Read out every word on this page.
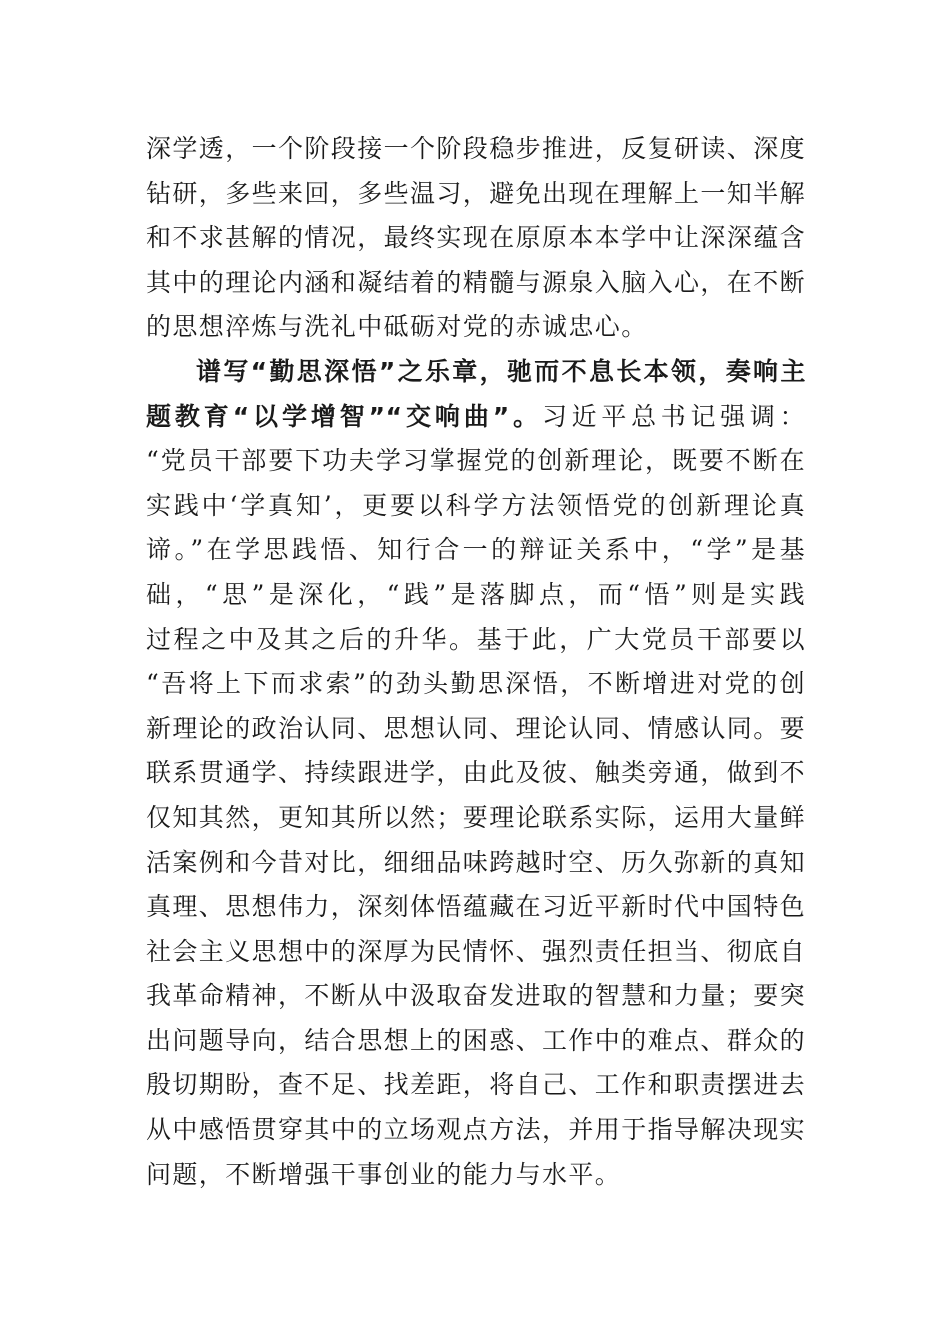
深学透，一个阶段接一个阶段稳步推进，反复研读、深度
钻研，多些来回，多些温习，避免出现在理解上一知半解
和不求甚解的情况，最终实现在原原本本学中让深深蕴含
其中的理论内涵和凝结着的精髓与源泉入脑入心，在不断
的思想淬炼与洗礼中砥砺对党的赤诚忠心。
谱写“勤思深悟”之乐章，驰而不息长本领，奏响主
题教育“以学增智”“交响曲”。习近平总书记强调：
“党员干部要下功夫学习掌握党的创新理论，既要不断在
实践中‘学真知’，更要以科学方法领悟党的创新理论真
谛。”在学思践悟、知行合一的辩证关系中，“学”是基
础，“思”是深化，“践”是落脚点，而“悟”则是实践
过程之中及其之后的升华。基于此，广大党员干部要以
“吾将上下而求索”的劲头勤思深悟，不断增进对党的创
新理论的政治认同、思想认同、理论认同、情感认同。要
联系贯通学、持续跟进学，由此及彼、触类旁通，做到不
仅知其然，更知其所以然；要理论联系实际，运用大量鲜
活案例和今昔对比，细细品味跨越时空、历久弥新的真知
真理、思想伟力，深刻体悟蕴藏在习近平新时代中国特色
社会主义思想中的深厚为民情怀、强烈责任担当、彻底自
我革命精神，不断从中汲取奋发进取的智慧和力量；要突
出问题导向，结合思想上的困惑、工作中的难点、群众的
殷切期盼，查不足、找差距，将自己、工作和职责摆进去
从中感悟贯穿其中的立场观点方法，并用于指导解决现实
问题，不断增强干事创业的能力与水平。
